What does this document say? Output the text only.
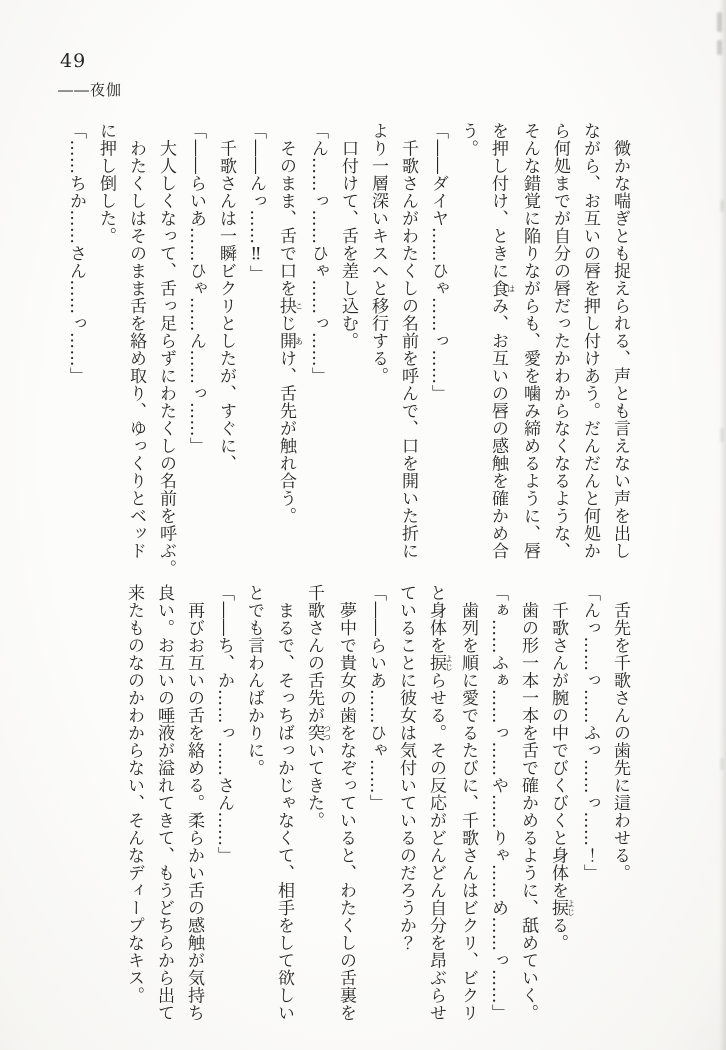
49
――夜伽
　微かな喘ぎとも捉えられる、声とも言えない声を出し
ながら、お互いの唇を押し付けあう。だんだんと何処か
ら何処までが自分の唇だったかわからなくなるような、
そんな錯覚に陥りながらも、愛を噛み締めるように、唇
を押し付け、ときに食はみ、お互いの唇の感触を確かめ合
う。
「――ダイヤ……ひゃ……っ……」
　千歌さんがわたくしの名前を呼んで、口を開いた折に
より一層深いキスへと移行する。
　口付けて、舌を差し込む。
「ん……っ……ひゃ……っ……」
　そのまま、舌で口を抉こじ開あけ、舌先が触れ合う。
「――んっ……‼」
　千歌さんは一瞬ビクリとしたが、すぐに、
「――らいあ……ひゃ……ん……っ……」
　大人しくなって、舌っ足らずにわたくしの名前を呼ぶ。
　わたくしはそのまま舌を絡め取り、ゆっくりとベッド
に押し倒した。
「……ちか……さん……っ……」
　舌先を千歌さんの歯先に這わせる。
「んっ……っ……ふっ……っ……！」
　千歌さんが腕の中でびくびくと身体を捩よじる。
　歯の形一本一本を舌で確かめるように、舐めていく。
「ぁ……ふぁ……っ……や……りゃ……め……っ……」
　歯列を順に愛でるたびに、千歌さんはビクリ、ビクリ
と身体を捩よじらせる。その反応がどんどん自分を昂ぶらせ
ていることに彼女は気付いているのだろうか？
「――らいあ……ひゃ……」
　夢中で貴女の歯をなぞっていると、わたくしの舌裏を
千歌さんの舌先が突つついてきた。
　まるで、そっちばっかじゃなくて、相手をして欲しい
とでも言わんばかりに。
「――ち、か……っ……さん……」
　再びお互いの舌を絡める。柔らかい舌の感触が気持ち
良い。お互いの唾液が溢れてきて、もうどちらから出て
来たものなのかわからない、そんなディープなキス。
